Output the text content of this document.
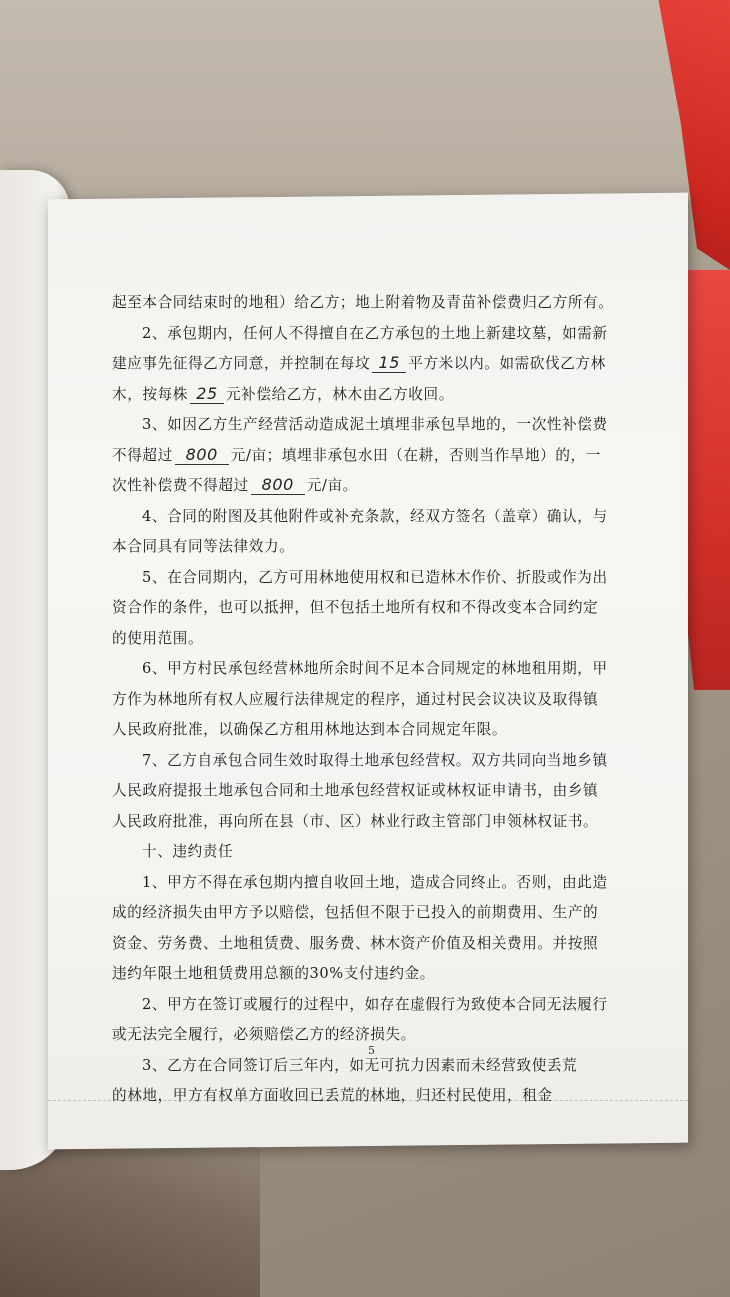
起至本合同结束时的地租）给乙方；地上附着物及青苗补偿费归乙方所有。
2、承包期内，任何人不得擅自在乙方承包的土地上新建坟墓，如需新
建应事先征得乙方同意，并控制在每坟 15 平方米以内。如需砍伐乙方林
木，按每株 25 元补偿给乙方，林木由乙方收回。
3、如因乙方生产经营活动造成泥土填埋非承包旱地的，一次性补偿费
不得超过 800 元/亩；填埋非承包水田（在耕，否则当作旱地）的，一
次性补偿费不得超过 800 元/亩。
4、合同的附图及其他附件或补充条款，经双方签名（盖章）确认，与
本合同具有同等法律效力。
5、在合同期内，乙方可用林地使用权和已造林木作价、折股或作为出
资合作的条件，也可以抵押，但不包括土地所有权和不得改变本合同约定
的使用范围。
6、甲方村民承包经营林地所余时间不足本合同规定的林地租用期，甲
方作为林地所有权人应履行法律规定的程序，通过村民会议决议及取得镇
人民政府批准，以确保乙方租用林地达到本合同规定年限。
7、乙方自承包合同生效时取得土地承包经营权。双方共同向当地乡镇
人民政府提报土地承包合同和土地承包经营权证或林权证申请书，由乡镇
人民政府批准，再向所在县（市、区）林业行政主管部门申领林权证书。
十、违约责任
1、甲方不得在承包期内擅自收回土地，造成合同终止。否则，由此造
成的经济损失由甲方予以赔偿，包括但不限于已投入的前期费用、生产的
资金、劳务费、土地租赁费、服务费、林木资产价值及相关费用。并按照
违约年限土地租赁费用总额的30%支付违约金。
2、甲方在签订或履行的过程中，如存在虚假行为致使本合同无法履行
或无法完全履行，必须赔偿乙方的经济损失。
3、乙方在合同签订后三年内，如无可抗力因素而未经营致使丢荒
的林地，甲方有权单方面收回已丢荒的林地，归还村民使用，租金
5
